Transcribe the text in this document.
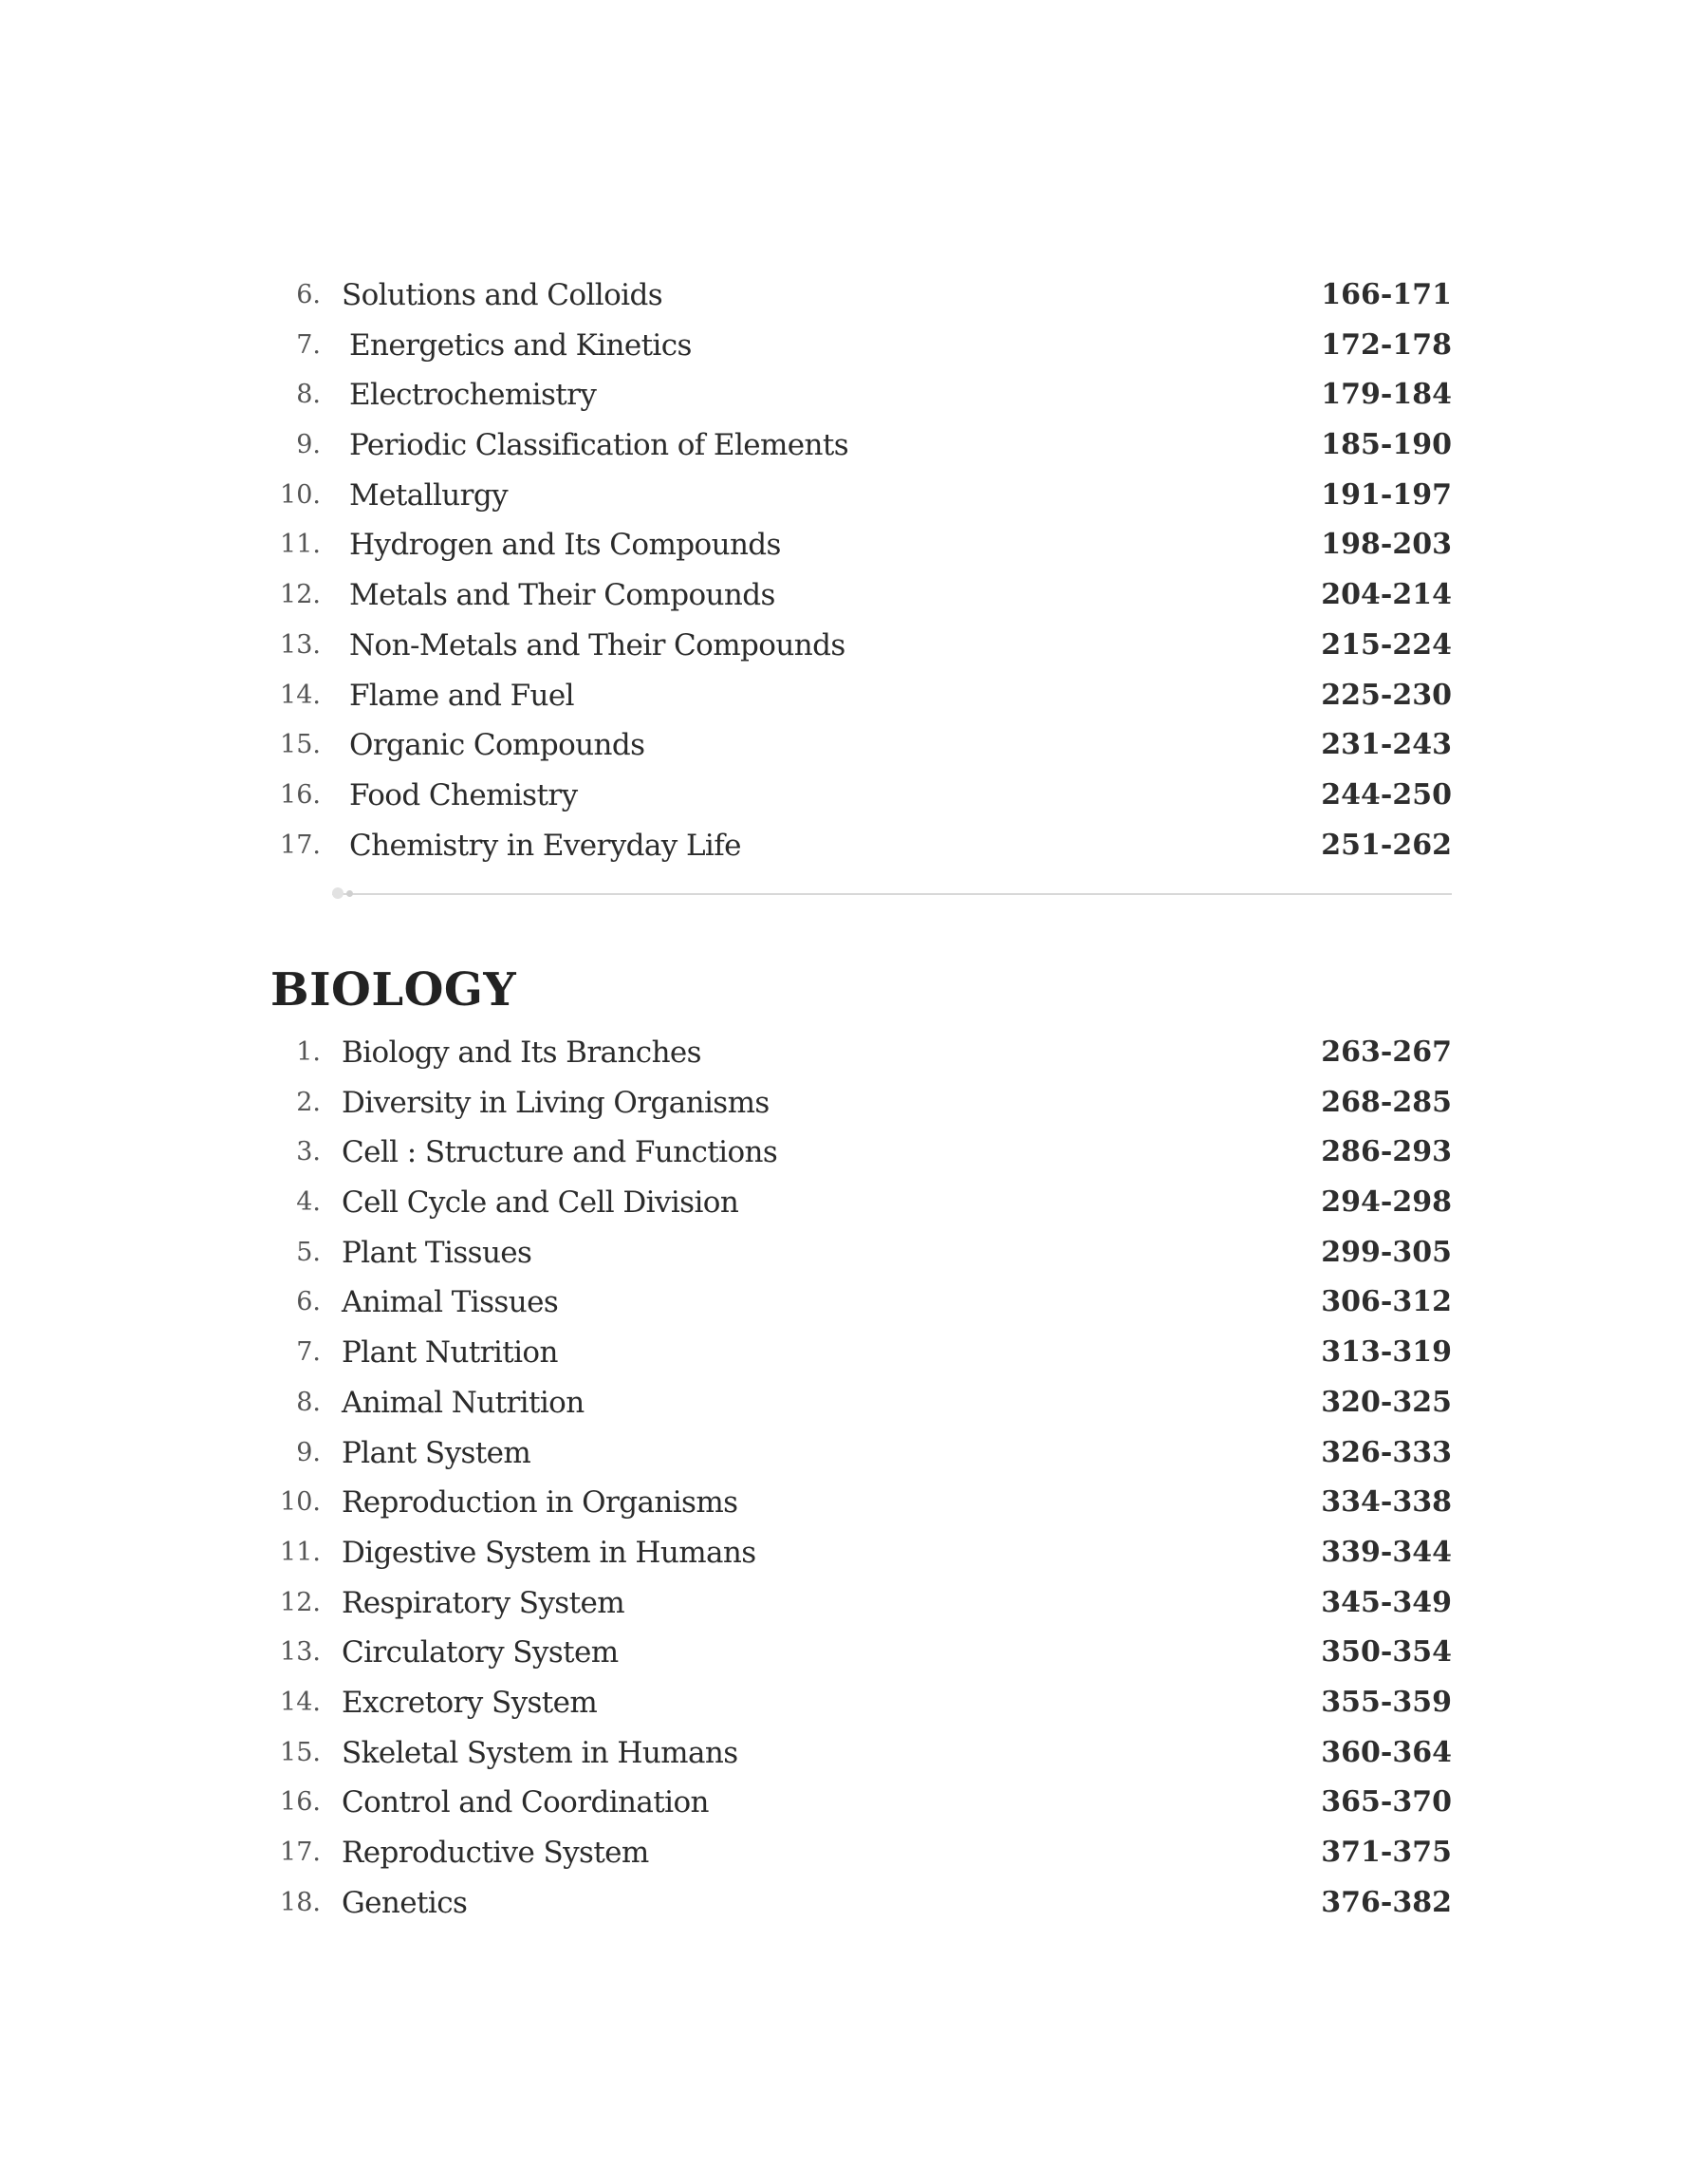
6. Solutions and Colloids	166-171
7. Energetics and Kinetics	172-178
8. Electrochemistry	179-184
9. Periodic Classification of Elements	185-190
10. Metallurgy	191-197
11. Hydrogen and Its Compounds	198-203
12. Metals and Their Compounds	204-214
13. Non-Metals and Their Compounds	215-224
14. Flame and Fuel	225-230
15. Organic Compounds	231-243
16. Food Chemistry	244-250
17. Chemistry in Everyday Life	251-262
BIOLOGY
1. Biology and Its Branches	263-267
2. Diversity in Living Organisms	268-285
3. Cell : Structure and Functions	286-293
4. Cell Cycle and Cell Division	294-298
5. Plant Tissues	299-305
6. Animal Tissues	306-312
7. Plant Nutrition	313-319
8. Animal Nutrition	320-325
9. Plant System	326-333
10. Reproduction in Organisms	334-338
11. Digestive System in Humans	339-344
12. Respiratory System	345-349
13. Circulatory System	350-354
14. Excretory System	355-359
15. Skeletal System in Humans	360-364
16. Control and Coordination	365-370
17. Reproductive System	371-375
18. Genetics	376-382
